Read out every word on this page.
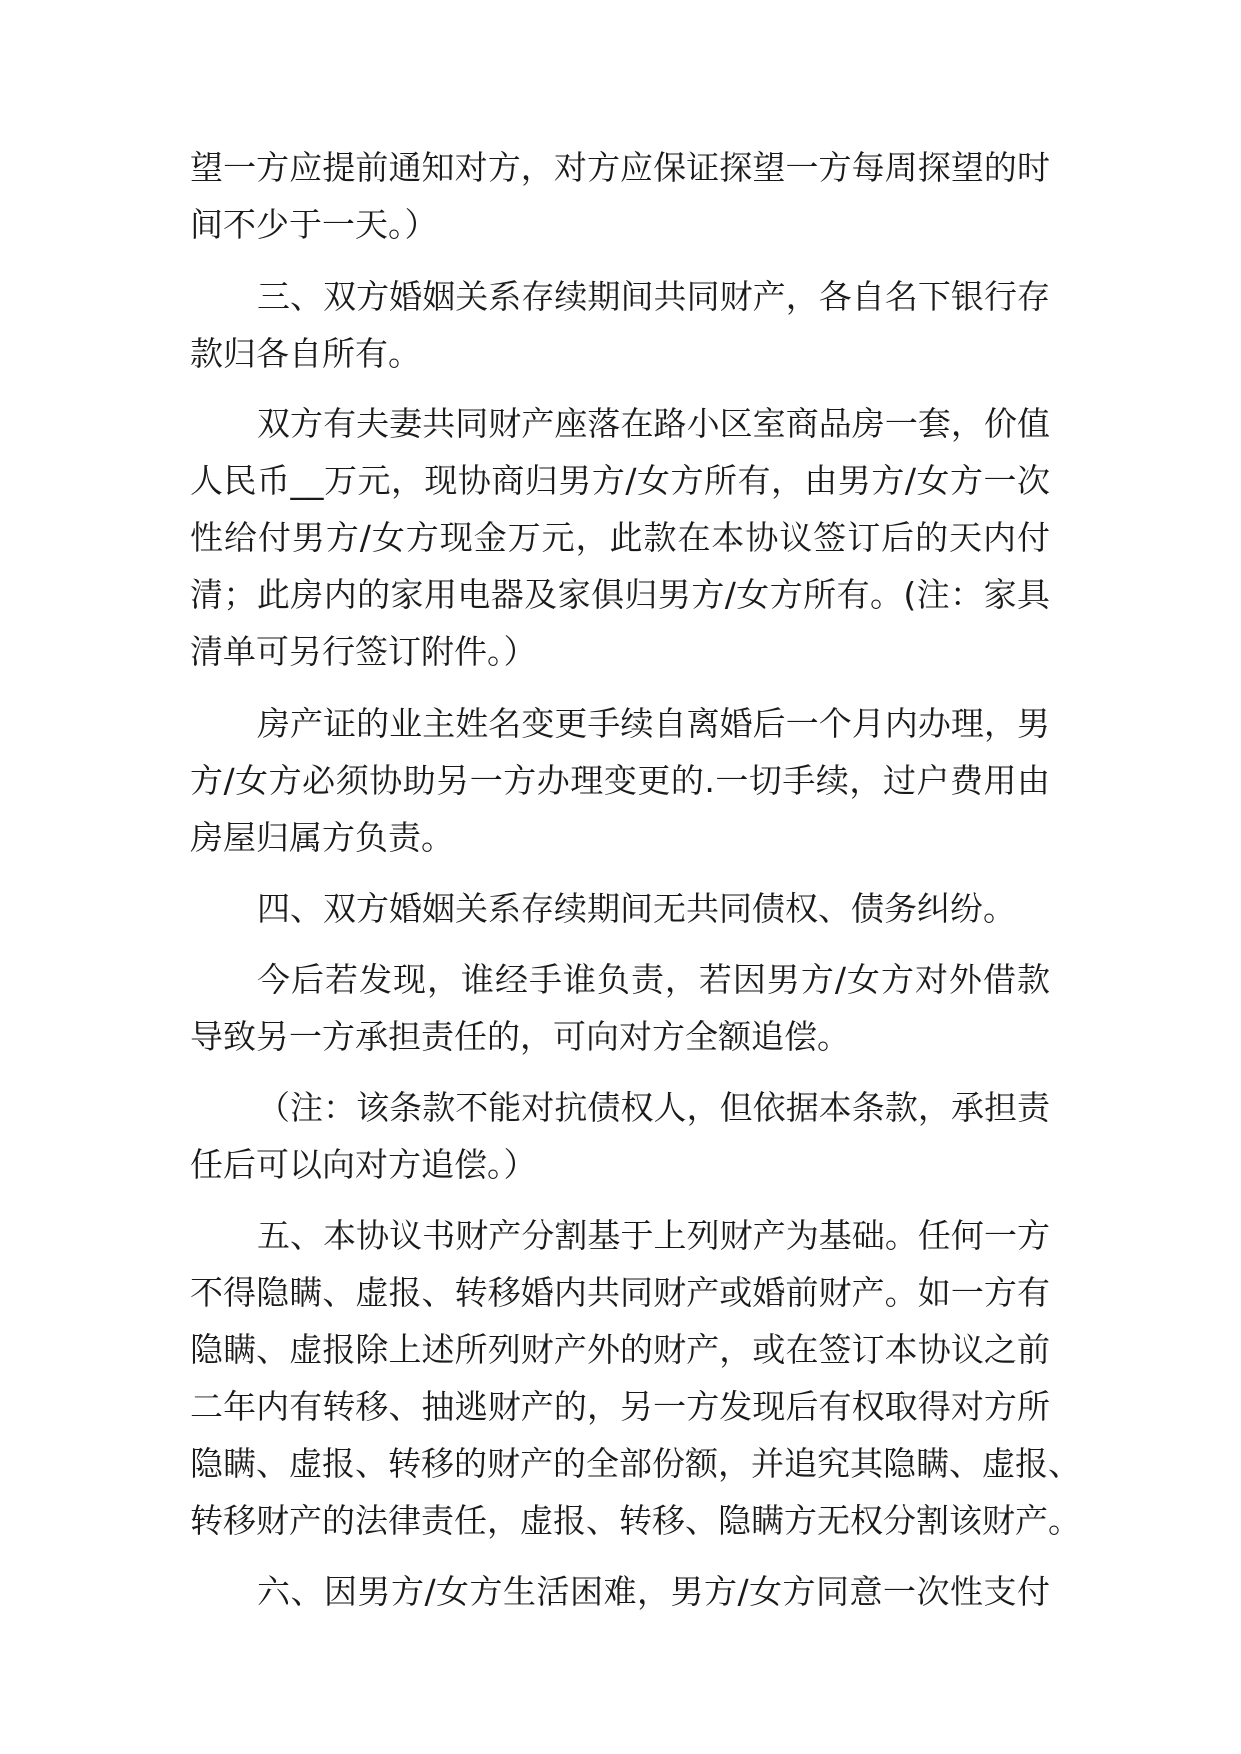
望一方应提前通知对方，对方应保证探望一方每周探望的时
间不少于一天。）
三、双方婚姻关系存续期间共同财产，各自名下银行存
款归各自所有。
双方有夫妻共同财产座落在路小区室商品房一套，价值
人民币__万元，现协商归男方/女方所有，由男方/女方一次
性给付男方/女方现金万元，此款在本协议签订后的天内付
清；此房内的家用电器及家俱归男方/女方所有。(注：家具
清单可另行签订附件。）
房产证的业主姓名变更手续自离婚后一个月内办理，男
方/女方必须协助另一方办理变更的.一切手续，过户费用由
房屋归属方负责。
四、双方婚姻关系存续期间无共同债权、债务纠纷。
今后若发现，谁经手谁负责，若因男方/女方对外借款
导致另一方承担责任的，可向对方全额追偿。
（注：该条款不能对抗债权人，但依据本条款，承担责
任后可以向对方追偿。）
五、本协议书财产分割基于上列财产为基础。任何一方
不得隐瞒、虚报、转移婚内共同财产或婚前财产。如一方有
隐瞒、虚报除上述所列财产外的财产，或在签订本协议之前
二年内有转移、抽逃财产的，另一方发现后有权取得对方所
隐瞒、虚报、转移的财产的全部份额，并追究其隐瞒、虚报、
转移财产的法律责任，虚报、转移、隐瞒方无权分割该财产。
六、因男方/女方生活困难，男方/女方同意一次性支付
